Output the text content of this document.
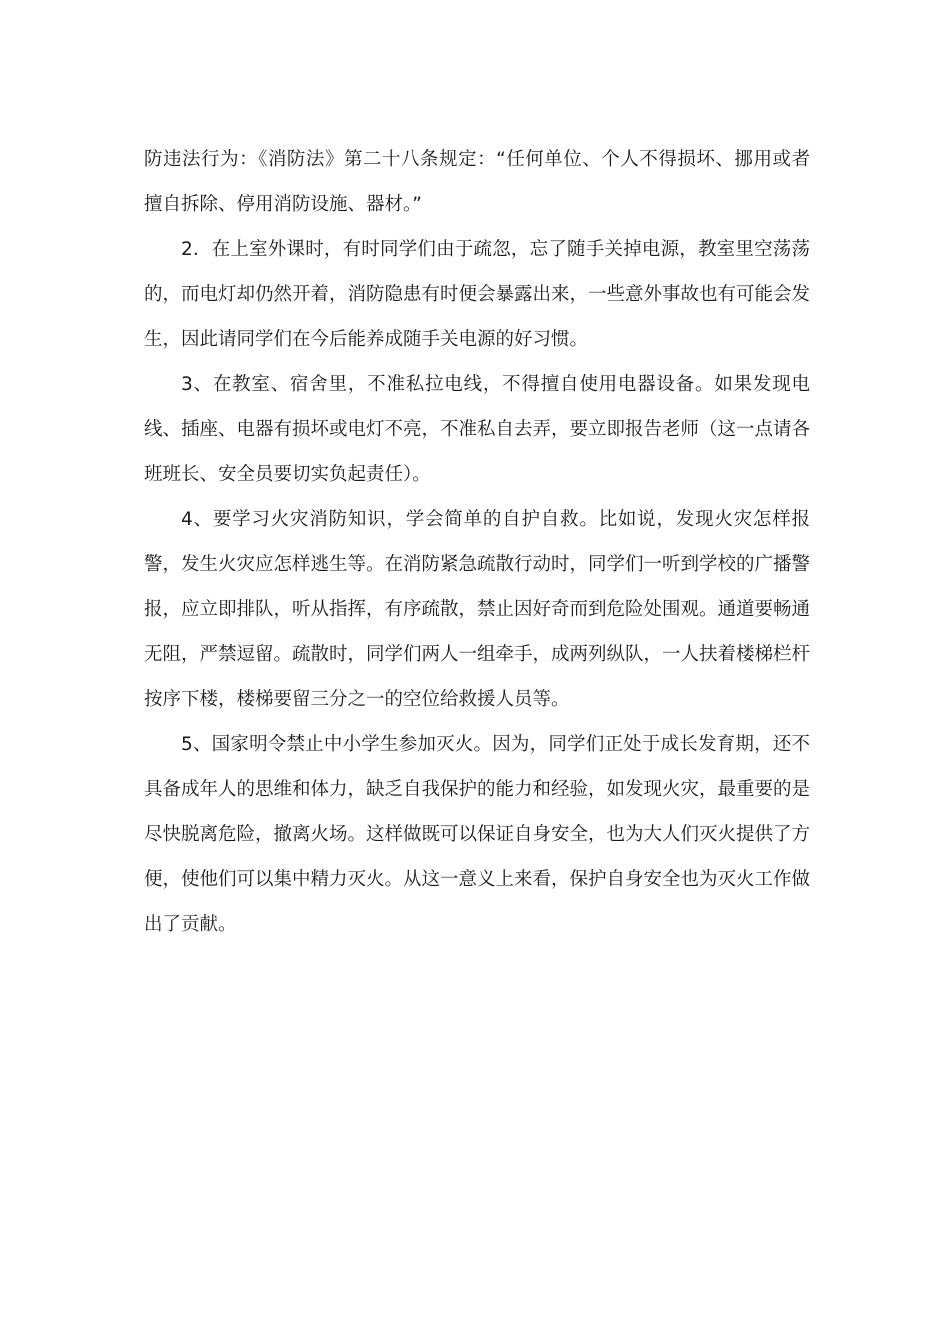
防违法行为：《消防法》第二十八条规定：“任何单位、个人不得损坏、挪用或者擅自拆除、停用消防设施、器材。”

2．在上室外课时，有时同学们由于疏忽，忘了随手关掉电源，教室里空荡荡的，而电灯却仍然开着，消防隐患有时便会暴露出来，一些意外事故也有可能会发生，因此请同学们在今后能养成随手关电源的好习惯。

3、在教室、宿舍里，不准私拉电线，不得擅自使用电器设备。如果发现电线、插座、电器有损坏或电灯不亮，不准私自去弄，要立即报告老师（这一点请各班班长、安全员要切实负起责任）。

4、要学习火灾消防知识，学会简单的自护自救。比如说，发现火灾怎样报警，发生火灾应怎样逃生等。在消防紧急疏散行动时，同学们一听到学校的广播警报，应立即排队，听从指挥，有序疏散，禁止因好奇而到危险处围观。通道要畅通无阻，严禁逗留。疏散时，同学们两人一组牵手，成两列纵队，一人扶着楼梯栏杆按序下楼，楼梯要留三分之一的空位给救援人员等。

5、国家明令禁止中小学生参加灭火。因为，同学们正处于成长发育期，还不具备成年人的思维和体力，缺乏自我保护的能力和经验，如发现火灾，最重要的是尽快脱离危险，撤离火场。这样做既可以保证自身安全，也为大人们灭火提供了方便，使他们可以集中精力灭火。从这一意义上来看，保护自身安全也为灭火工作做出了贡献。
